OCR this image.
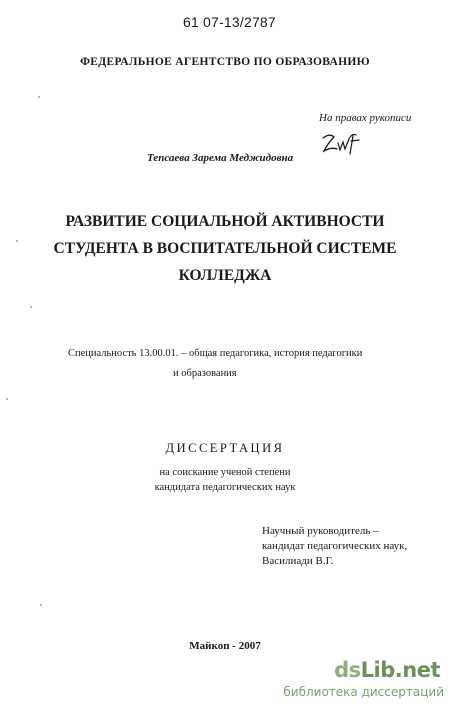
61 07-13/2787
ФЕДЕРАЛЬНОЕ АГЕНТСТВО ПО ОБРАЗОВАНИЮ
На правах рукописи
Тепсаева Зарема Меджидовна
РАЗВИТИЕ СОЦИАЛЬНОЙ АКТИВНОСТИ
СТУДЕНТА В ВОСПИТАТЕЛЬНОЙ СИСТЕМЕ
КОЛЛЕДЖА
Специальность 13.00.01. – общая педагогика, история педагогики
и образования
ДИССЕРТАЦИЯ
на соискание ученой степени
кандидата педагогических наук
Научный руководитель –
кандидат педагогических наук,
Василиади В.Г.
Майкоп - 2007
dsLib.net
библиотека диссертаций
